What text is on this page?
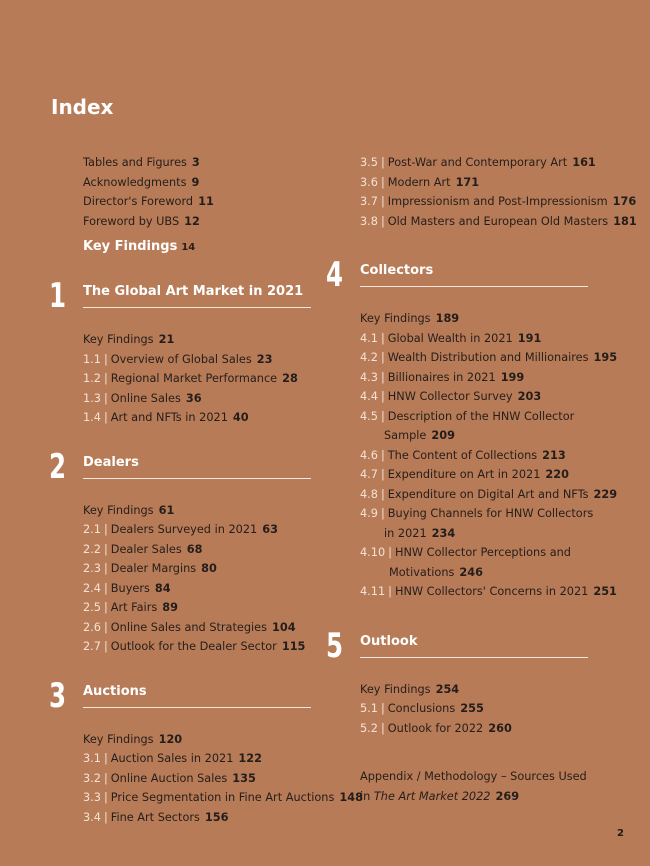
Index
Tables and Figures 3
Acknowledgments 9
Director's Foreword 11
Foreword by UBS 12
Key Findings 14
1 The Global Art Market in 2021
Key Findings 21
1.1 | Overview of Global Sales 23
1.2 | Regional Market Performance 28
1.3 | Online Sales 36
1.4 | Art and NFTs in 2021 40
2 Dealers
Key Findings 61
2.1 | Dealers Surveyed in 2021 63
2.2 | Dealer Sales 68
2.3 | Dealer Margins 80
2.4 | Buyers 84
2.5 | Art Fairs 89
2.6 | Online Sales and Strategies 104
2.7 | Outlook for the Dealer Sector 115
3 Auctions
Key Findings 120
3.1 | Auction Sales in 2021 122
3.2 | Online Auction Sales 135
3.3 | Price Segmentation in Fine Art Auctions 148
3.4 | Fine Art Sectors 156
3.5 | Post-War and Contemporary Art 161
3.6 | Modern Art 171
3.7 | Impressionism and Post-Impressionism 176
3.8 | Old Masters and European Old Masters 181
4 Collectors
Key Findings 189
4.1 | Global Wealth in 2021 191
4.2 | Wealth Distribution and Millionaires 195
4.3 | Billionaires in 2021 199
4.4 | HNW Collector Survey 203
4.5 | Description of the HNW Collector
Sample 209
4.6 | The Content of Collections 213
4.7 | Expenditure on Art in 2021 220
4.8 | Expenditure on Digital Art and NFTs 229
4.9 | Buying Channels for HNW Collectors
in 2021 234
4.10 | HNW Collector Perceptions and
Motivations 246
4.11 | HNW Collectors' Concerns in 2021 251
5 Outlook
Key Findings 254
5.1 | Conclusions 255
5.2 | Outlook for 2022 260
Appendix / Methodology – Sources Used
in The Art Market 2022 269
2
